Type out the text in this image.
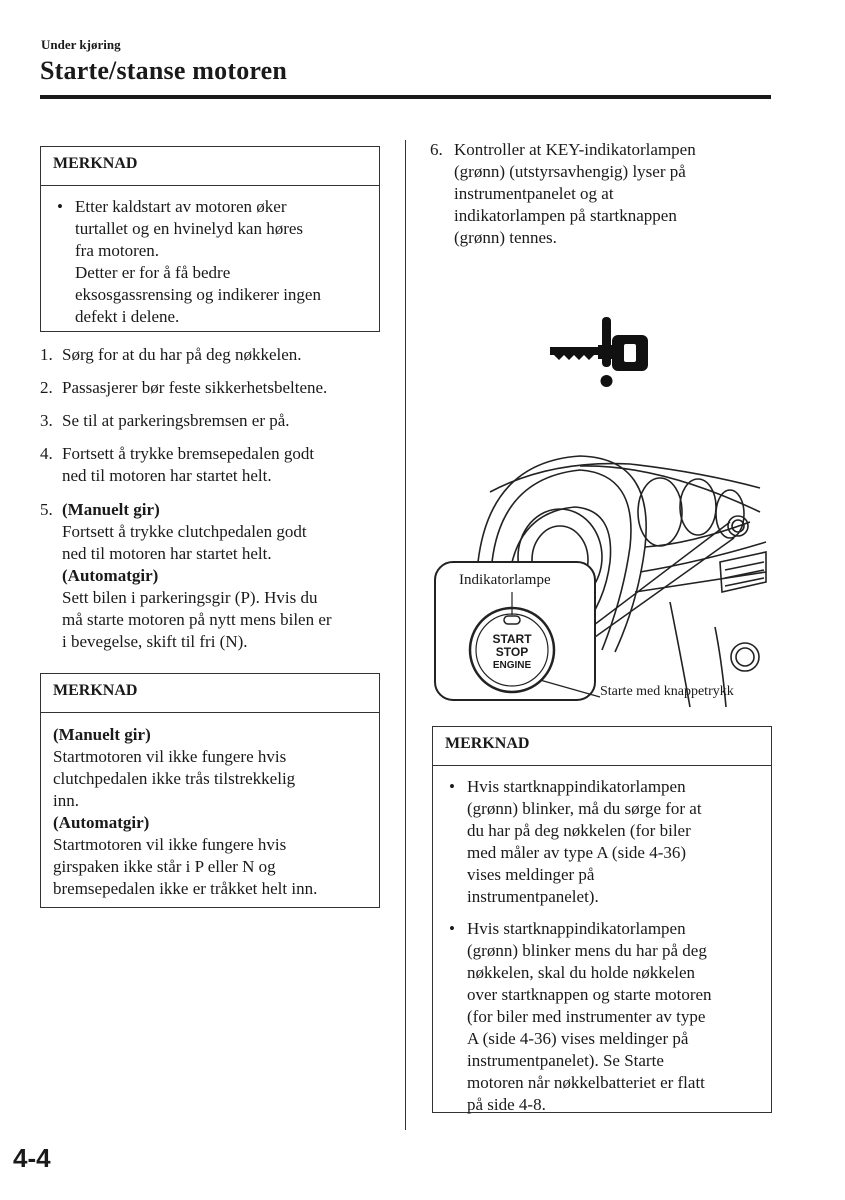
Under kjøring
Starte/stanse motoren
MERKNAD
• Etter kaldstart av motoren øker
turtallet og en hvinelyd kan høres
fra motoren.
Detter er for å få bedre
eksosgassrensing og indikerer ingen
defekt i delene.
1. Sørg for at du har på deg nøkkelen.
2. Passasjerer bør feste sikkerhetsbeltene.
3. Se til at parkeringsbremsen er på.
4. Fortsett å trykke bremsepedalen godt
ned til motoren har startet helt.
5. (Manuelt gir)
Fortsett å trykke clutchpedalen godt
ned til motoren har startet helt.
(Automatgir)
Sett bilen i parkeringsgir (P). Hvis du
må starte motoren på nytt mens bilen er
i bevegelse, skift til fri (N).
MERKNAD
(Manuelt gir)
Startmotoren vil ikke fungere hvis
clutchpedalen ikke trås tilstrekkelig
inn.
(Automatgir)
Startmotoren vil ikke fungere hvis
girspaken ikke står i P eller N og
bremsepedalen ikke er tråkket helt inn.
6. Kontroller at KEY-indikatorlampen
(grønn) (utstyrsavhengig) lyser på
instrumentpanelet og at
indikatorlampen på startknappen
(grønn) tennes.
Indikatorlampe
START
STOP
ENGINE
Starte med knappetrykk
MERKNAD
• Hvis startknappindikatorlampen
(grønn) blinker, må du sørge for at
du har på deg nøkkelen (for biler
med måler av type A (side 4-36)
vises meldinger på
instrumentpanelet).
• Hvis startknappindikatorlampen
(grønn) blinker mens du har på deg
nøkkelen, skal du holde nøkkelen
over startknappen og starte motoren
(for biler med instrumenter av type
A (side 4-36) vises meldinger på
instrumentpanelet). Se Starte
motoren når nøkkelbatteriet er flatt
på side 4-8.
4-4
